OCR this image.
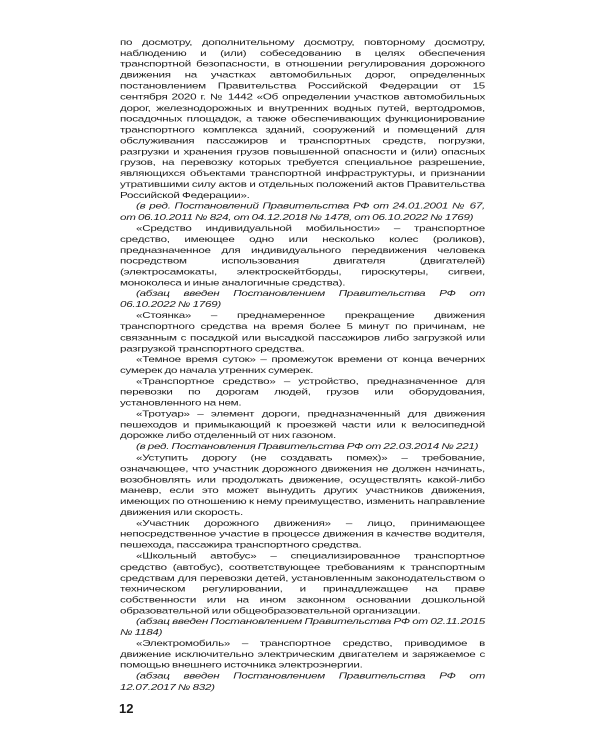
по досмотру, дополнительному досмотру, повторному досмотру, наблюдению и (или) собеседованию в целях обеспечения транспортной безопасности, в отношении регулирования дорожного движения на участках автомобильных дорог, определенных постановлением Правительства Российской Федерации от 15 сентября 2020 г. № 1442 «Об определении участков автомобильных дорог, железнодорожных и внутренних водных путей, вертодромов, посадочных площадок, а также обеспечивающих функционирование транспортного комплекса зданий, сооружений и помещений для обслуживания пассажиров и транспортных средств, погрузки, разгрузки и хранения грузов повышенной опасности и (или) опасных грузов, на перевозку которых требуется специальное разрешение, являющихся объектами транспортной инфраструктуры, и признании утратившими силу актов и отдельных положений актов Правительства Российской Федерации».

(в ред. Постановлений Правительства РФ от 24.01.2001 № 67, от 06.10.2011 № 824, от 04.12.2018 № 1478, от 06.10.2022 № 1769)

«Средство индивидуальной мобильности» – транспортное средство, имеющее одно или несколько колес (роликов), предназначенное для индивидуального передвижения человека посредством использования двигателя (двигателей) (электросамокаты, электроскейтборды, гироскутеры, сигвеи, моноколеса и иные аналогичные средства).

(абзац введен Постановлением Правительства РФ от 06.10.2022 № 1769)

«Стоянка» – преднамеренное прекращение движения транспортного средства на время более 5 минут по причинам, не связанным с посадкой или высадкой пассажиров либо загрузкой или разгрузкой транспортного средства.

«Темное время суток» – промежуток времени от конца вечерних сумерек до начала утренних сумерек.

«Транспортное средство» – устройство, предназначенное для перевозки по дорогам людей, грузов или оборудования, установленного на нем.

«Тротуар» – элемент дороги, предназначенный для движения пешеходов и примыкающий к проезжей части или к велосипедной дорожке либо отделенный от них газоном.

(в ред. Постановления Правительства РФ от 22.03.2014 № 221)

«Уступить дорогу (не создавать помех)» – требование, означающее, что участник дорожного движения не должен начинать, возобновлять или продолжать движение, осуществлять какой-либо маневр, если это может вынудить других участников движения, имеющих по отношению к нему преимущество, изменить направление движения или скорость.

«Участник дорожного движения» – лицо, принимающее непосредственное участие в процессе движения в качестве водителя, пешехода, пассажира транспортного средства.

«Школьный автобус» – специализированное транспортное средство (автобус), соответствующее требованиям к транспортным средствам для перевозки детей, установленным законодательством о техническом регулировании, и принадлежащее на праве собственности или на ином законном основании дошкольной образовательной или общеобразовательной организации.

(абзац введен Постановлением Правительства РФ от 02.11.2015 № 1184)

«Электромобиль» – транспортное средство, приводимое в движение исключительно электрическим двигателем и заряжаемое с помощью внешнего источника электроэнергии.

(абзац введен Постановлением Правительства РФ от 12.07.2017 № 832)

12
